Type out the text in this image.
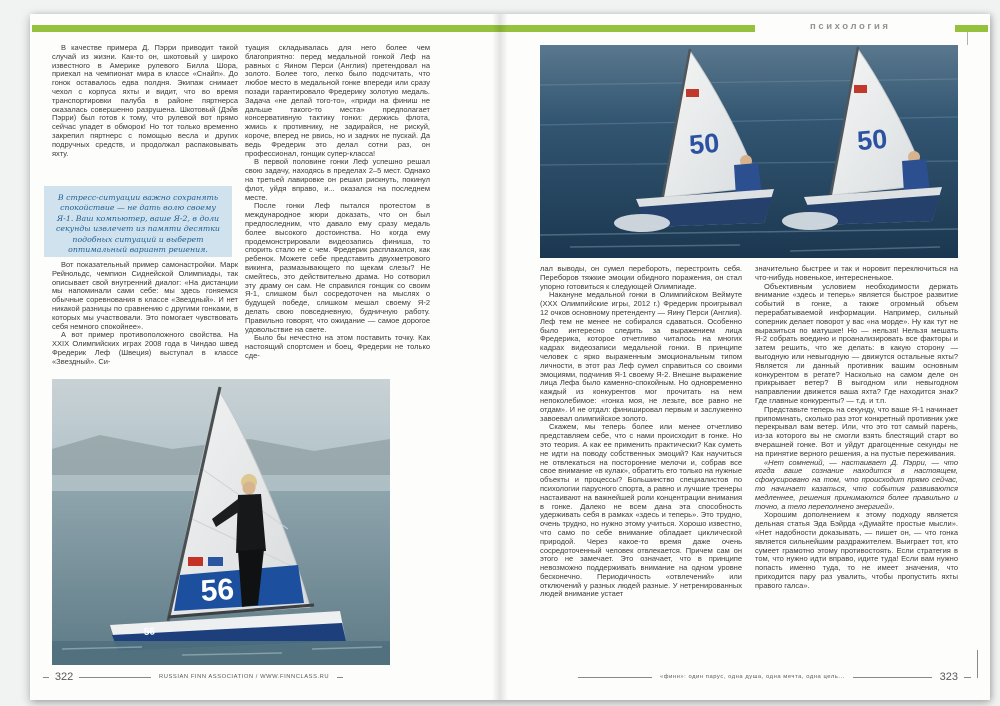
психология

В качестве примера Д. Пэрри приводит такой случай из жизни. Как-то он, шкотовый у широко известного в Америке рулевого Билла Шора, приехал на чемпионат мира в классе «Снайп». До гонок оставалось едва полдня. Экипаж снимает чехол с корпуса яхты и видит, что во время транспортировки палуба в районе пяртнерса оказалась совершенно разрушена. Шкотовый (Дэйв Пэрри) был готов к тому, что рулевой вот прямо сейчас упадет в обморок! Но тот только временно закрепил пяртнерс с помощью весла и других подручных средств, и продолжал распаковывать яхту.

В стресс-ситуации важно сохранять спокойствие — не дать волю своему Я-1. Ваш компьютер, ваше Я-2, в доли секунды извлечет из памяти десятки подобных ситуаций и выберет оптимальный вариант решения.

Вот показательный пример самонастройки. Марк Рейнольдс, чемпион Сиднейской Олимпиады, так описывает свой внутренний диалог: «На дистанции мы напоминали сами себе: мы здесь гоняемся обычные соревнования в классе «Звездный». И нет никакой разницы по сравнению с другими гонками, в которых мы участвовали. Это помогает чувствовать себя немного спокойнее».

А вот пример противоположного свойства. На XXIX Олимпийских играх 2008 года в Чиндао швед Фредерик Леф (Швеция) выступал в классе «Звездный». Си-

туация складывалась для него более чем благоприятно: перед медальной гонкой Леф на равных с Яином Перси (Англия) претендовал на золото. Более того, легко было подсчитать, что любое место в медальной гонке впереди или сразу позади гарантировало Фредерику золотую медаль. Задача «не делай того-то», «приди на финиш не дальше такого-то места» предполагает консервативную тактику гонки: держись флота, жмись к противнику, не задирайся, не рискуй, короче, вперед не рвись, но и задних не пускай. Да ведь Фредерик это делал сотни раз, он профессионал, гонщик супер-класса!

В первой половине гонки Леф успешно решал свою задачу, находясь в пределах 2–5 мест. Однако на третьей лавировке он решил рискнуть, покинул флот, уйдя вправо, и... оказался на последнем месте.

После гонки Леф пытался протестом в международное жюри доказать, что он был предпоследним, что давало ему сразу медаль более высокого достоинства. Но когда ему продемонстрировали видеозапись финиша, то спорить стало не с чем. Фредерик расплакался, как ребенок. Можете себе представить двухметрового викинга, размазывающего по щекам слезы? Не смейтесь, это действительно драма. Но сотворил эту драму он сам. Не справился гонщик со своим Я-1, слишком был сосредоточен на мыслях о будущей победе, слишком мешал своему Я-2 делать свою повседневную, будничную работу. Правильно говорят, что ожидание — самое дорогое удовольствие на свете.

Было бы нечестно на этом поставить точку. Как настоящий спортсмен и боец, Фредерик не только сде-

56
56
50	50

лал выводы, он сумел перебороть, перестроить себя. Переборов тяжкие эмоции обидного поражения, он стал упорно готовиться к следующей Олимпиаде.

Накануне медальной гонки в Олимпийском Веймуте (XXX Олимпийские игры, 2012 г.) Фредерик проигрывал 12 очков основному претенденту — Яину Перси (Англия). Леф тем не менее не собирался сдаваться. Особенно было интересно следить за выражением лица Фредерика, которое отчетливо читалось на многих кадрах видеозаписи медальной гонки. В принципе человек с ярко выраженным эмоциональным типом личности, в этот раз Леф сумел справиться со своими эмоциями, подчинив Я-1 своему Я-2. Внешне выражение лица Лефа было каменно-спокойным. Но одновременно каждый из конкурентов мог прочитать на нем непоколебимое: «гонка моя, не лезьте, все равно не отдам». И не отдал: финишировал первым и заслуженно завоевал олимпийское золото.

Скажем, мы теперь более или менее отчетливо представляем себе, что с нами происходит в гонке. Но это теория. А как ее применить практически? Как суметь не идти на поводу собственных эмоций? Как научиться не отвлекаться на посторонние мелочи и, собрав все свое внимание «в кулак», обратить его только на нужные объекты и процессы? Большинство специалистов по психологии парусного спорта, а равно и лучшие тренеры настаивают на важнейшей роли концентрации внимания в гонке. Далеко не всем дана эта способность удерживать себя в рамках «здесь и теперь». Это трудно, очень трудно, но нужно этому учиться. Хорошо известно, что само по себе внимание обладает циклической природой. Через какое-то время даже очень сосредоточенный человек отвлекается. Причем сам он этого не замечает. Это означает, что в принципе невозможно поддерживать внимание на одном уровне бесконечно. Периодичность «отвлечений» или отключений у разных людей разные. У нетренированных людей внимание устает

значительно быстрее и так и норовит переключиться на что-нибудь новенькое, интересненькое.

Объективным условием необходимости держать внимание «здесь и теперь» является быстрое развитие событий в гонке, а также огромный объем перерабатываемой информации. Например, сильный соперник делает поворот у вас «на морде». Ну как тут не выразиться по матушке! Но — нельзя! Нельзя мешать Я-2 собрать воедино и проанализировать все факторы и затем решить, что же делать: в какую сторону — выгодную или невыгодную — движутся остальные яхты? Является ли данный противник вашим основным конкурентом в регате? Насколько на самом деле он прикрывает ветер? В выгодном или невыгодном направлении движется ваша яхта? Где находится знак? Где главные конкуренты? — т.д. и т.п.

Представьте теперь на секунду, что ваше Я-1 начинает припоминать, сколько раз этот конкретный противник уже перекрывал вам ветер. Или, что это тот самый парень, из-за которого вы не смогли взять блестящий старт во вчерашней гонке. Вот и уйдут драгоценные секунды не на принятие верного решения, а на пустые переживания.

«Нет сомнений, — настаивает Д. Пэрри, — что когда ваше сознание находится в настоящем, сфокусировано на том, что происходит прямо сейчас, то начинает казаться, что события развиваются медленнее, решения принимаются более правильно и точно, а тело переполнено энергией».

Хорошим дополнением к этому подходу является дельная статья Эда Бэйрда «Думайте простые мысли». «Нет надобности доказывать, — пишет он, — что гонка является сильнейшим раздражителем. Выиграет тот, кто сумеет грамотно этому противостоять. Если стратегия в том, что нужно идти вправо, идите туда! Если вам нужно попасть именно туда, то не имеет значения, что приходится пару раз увалить, чтобы пропустить яхты правого галса».

322	RUSSIAN FINN ASSOCIATION / WWW.FINNCLASS.RU	«финн»: один парус, одна душа, одна мечта, одна цель...	323
